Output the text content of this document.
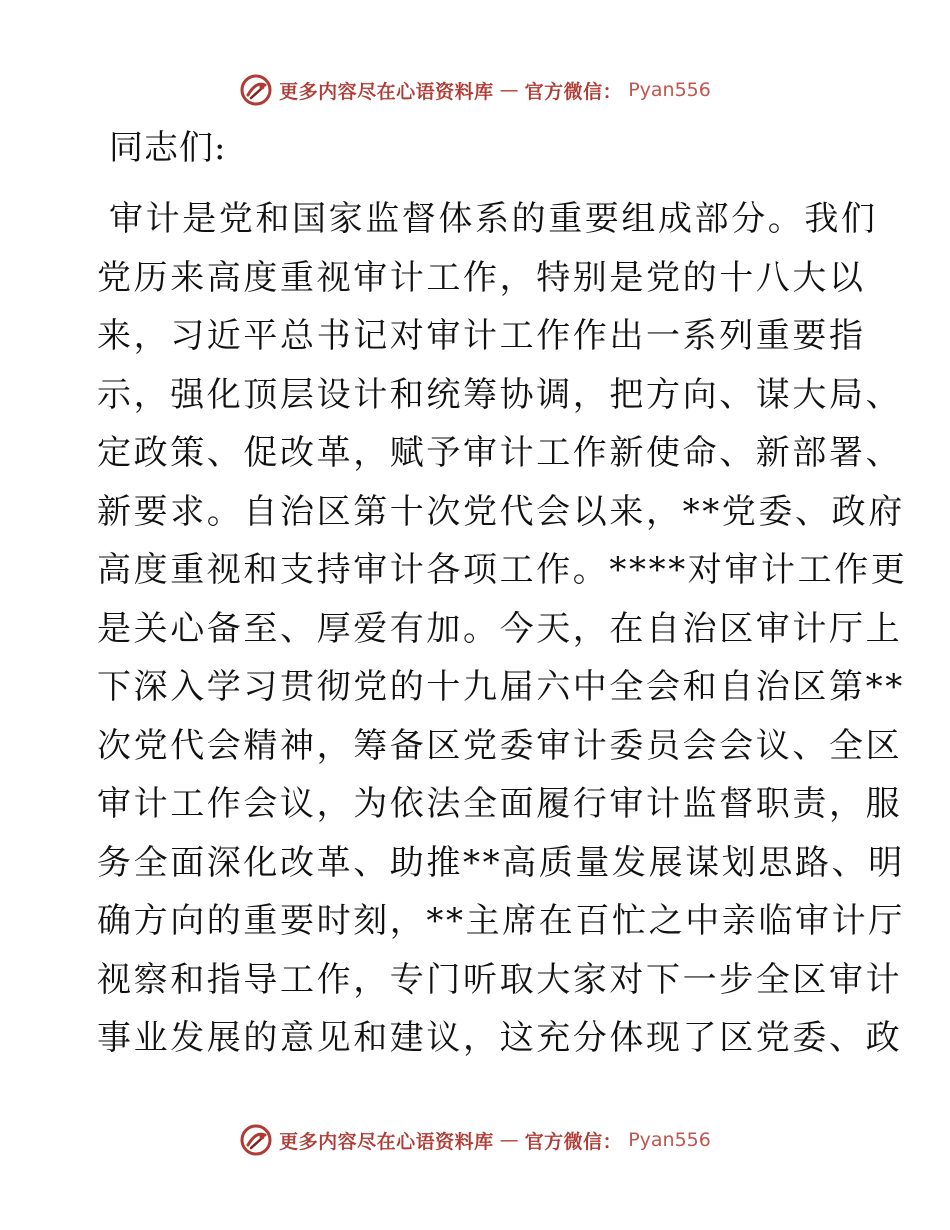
更多内容尽在心语资料库 — 官方微信： Pyan556
同志们:
审计是党和国家监督体系的重要组成部分。我们
党历来高度重视审计工作，特别是党的十八大以
来，习近平总书记对审计工作作出一系列重要指
示，强化顶层设计和统筹协调，把方向、谋大局、
定政策、促改革，赋予审计工作新使命、新部署、
新要求。自治区第十次党代会以来，**党委、政府
高度重视和支持审计各项工作。****对审计工作更
是关心备至、厚爱有加。今天，在自治区审计厅上
下深入学习贯彻党的十九届六中全会和自治区第**
次党代会精神，筹备区党委审计委员会会议、全区
审计工作会议，为依法全面履行审计监督职责，服
务全面深化改革、助推**高质量发展谋划思路、明
确方向的重要时刻，**主席在百忙之中亲临审计厅
视察和指导工作，专门听取大家对下一步全区审计
事业发展的意见和建议，这充分体现了区党委、政
更多内容尽在心语资料库 — 官方微信： Pyan556
